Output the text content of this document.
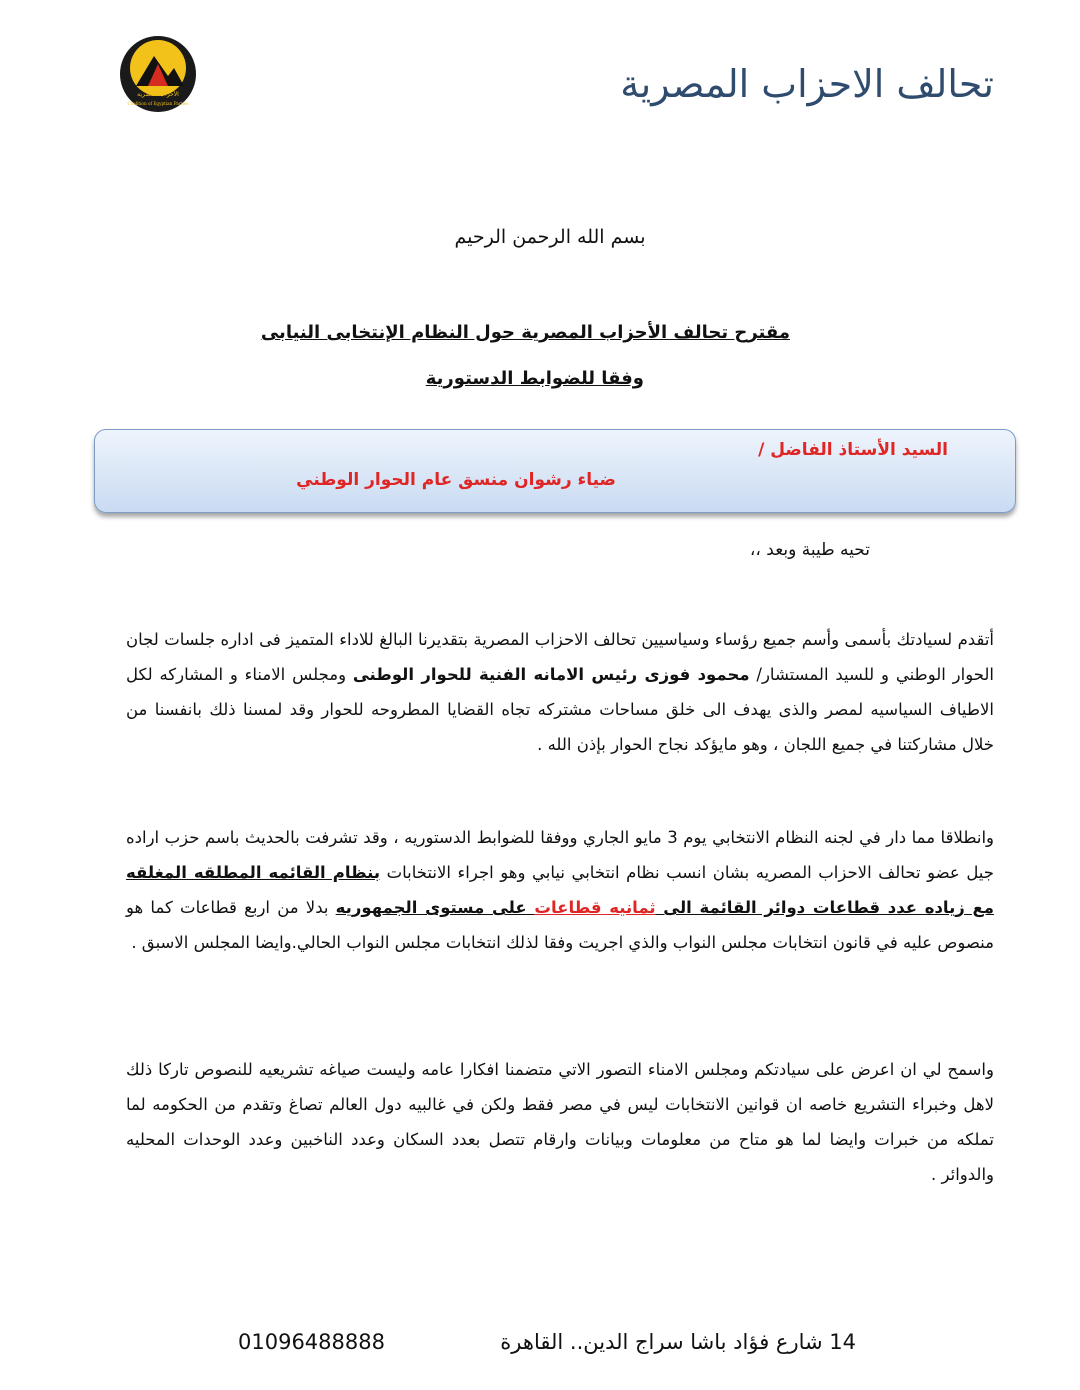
تحالف
الأحزاب المصرية
Coalition of Egyptian Parties	تحالف الاحزاب المصرية
بسم الله الرحمن الرحيم
مقترح تحالف الأحزاب المصرية حول النظام الإنتخابى النيابى
وفقا للضوابط الدستورية
السيد الأستاذ الفاضل /
ضياء رشوان منسق عام الحوار الوطني
تحيه طيبة وبعد ،،
أتقدم لسيادتك بأسمى وأسم جميع رؤساء وسياسيين تحالف الاحزاب المصرية بتقديرنا البالغ للاداء المتميز فى اداره جلسات لجان الحوار الوطني و للسيد المستشار/ محمود فوزى رئيس الامانه الفنية للحوار الوطنى ومجلس الامناء و المشاركه لكل الاطياف السياسيه لمصر والذى يهدف الى خلق مساحات مشتركه تجاه القضايا المطروحه للحوار وقد لمسنا ذلك بانفسنا من خلال مشاركتنا في جميع اللجان ، وهو مايؤكد نجاح الحوار بإذن الله .
وانطلاقا مما دار في لجنه النظام الانتخابي يوم 3 مايو الجاري ووفقا للضوابط الدستوريه ، وقد تشرفت بالحديث باسم حزب اراده جيل عضو تحالف الاحزاب المصريه بشان انسب نظام انتخابي نيابي وهو اجراء الانتخابات بنظام القائمه المطلقه المغلقه مع زياده عدد قطاعات دوائر القائمة الى ثمانيه قطاعات على مستوى الجمهوريه بدلا من اربع قطاعات كما هو منصوص عليه في قانون انتخابات مجلس النواب والذي اجريت وفقا لذلك انتخابات مجلس النواب الحالي.وايضا المجلس الاسبق .
واسمح لي ان اعرض على سيادتكم ومجلس الامناء التصور الاتي متضمنا افكارا عامه وليست صياغه تشريعيه للنصوص تاركا ذلك لاهل وخبراء التشريع خاصه ان قوانين الانتخابات ليس في مصر فقط ولكن في غالبيه دول العالم تصاغ وتقدم من الحكومه لما تملكه من خبرات وايضا لما هو متاح من معلومات وبيانات وارقام تتصل بعدد السكان وعدد الناخبين وعدد الوحدات المحليه والدوائر .
14 شارع فؤاد باشا سراج الدين.. القاهرة
01096488888
